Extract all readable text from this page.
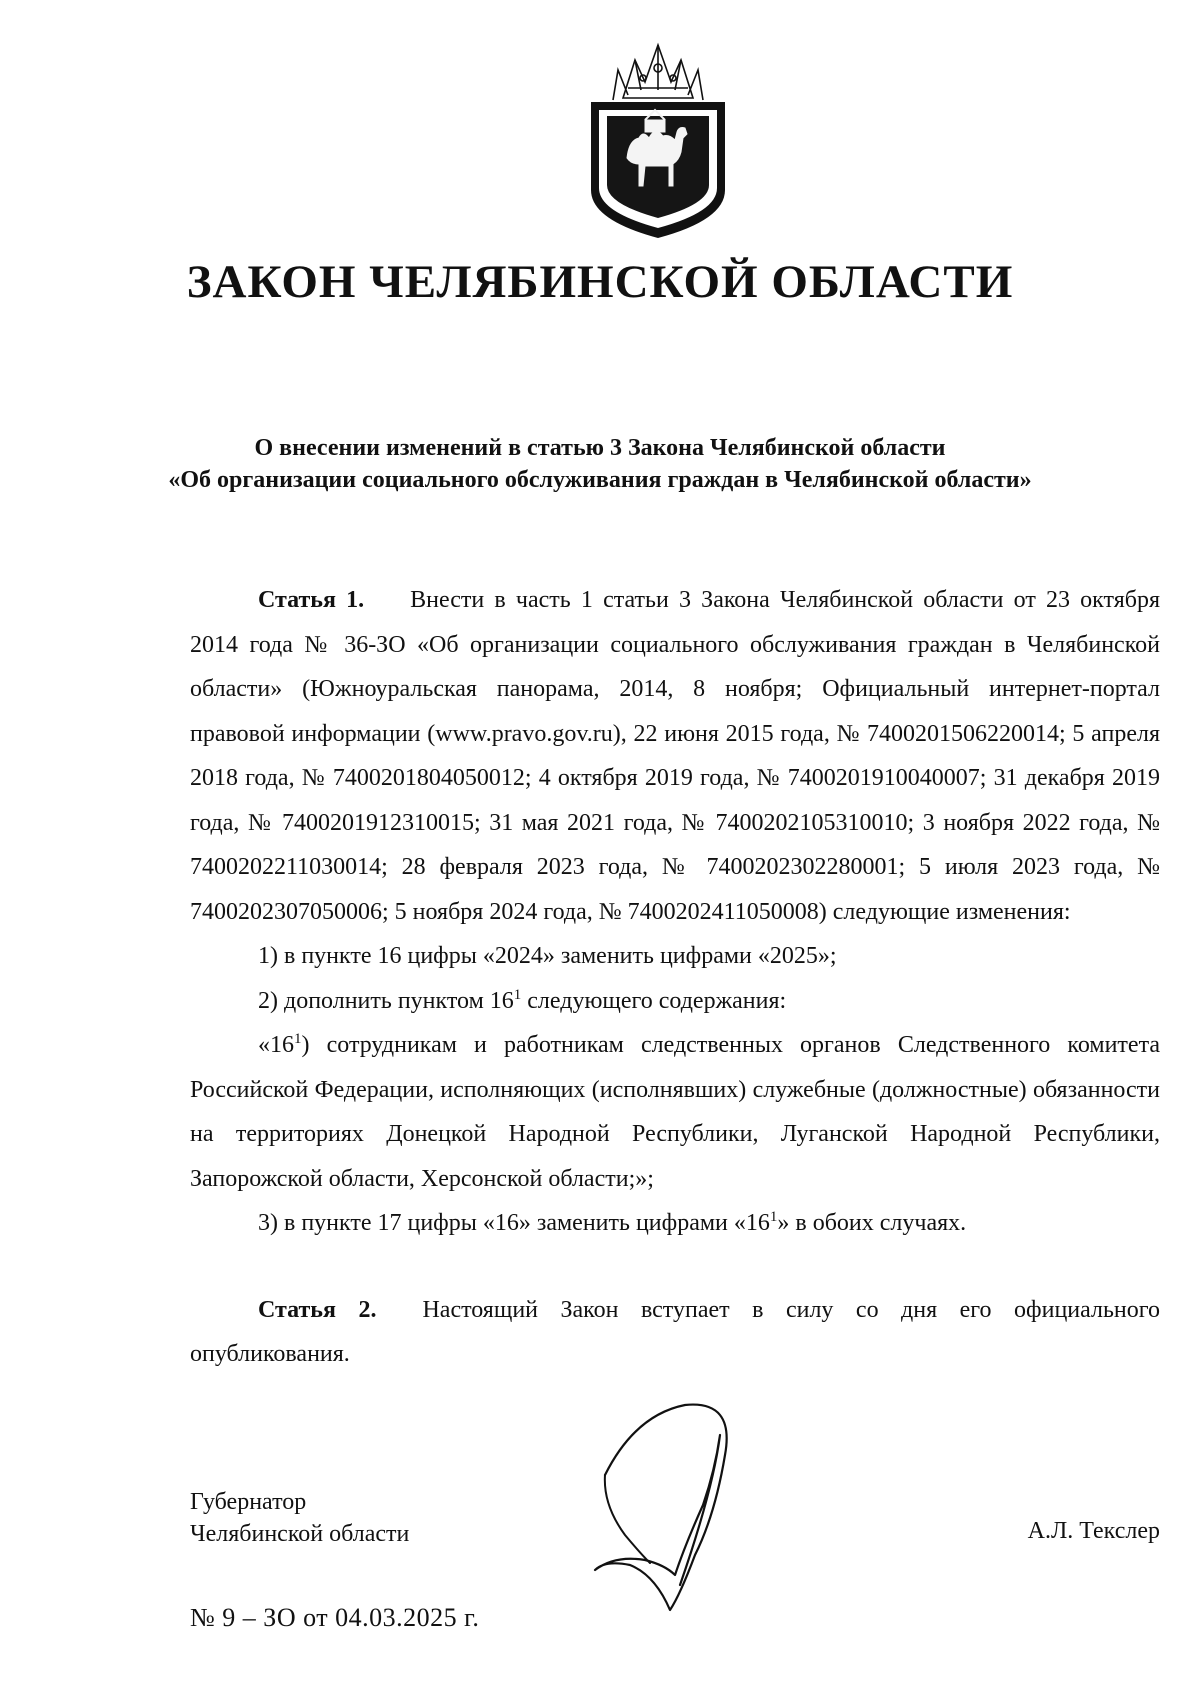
ЗАКОН ЧЕЛЯБИНСКОЙ ОБЛАСТИ
О внесении изменений в статью 3 Закона Челябинской области
«Об организации социального обслуживания граждан в Челябинской области»

Статья 1. Внести в часть 1 статьи 3 Закона Челябинской области от 23 октября 2014 года № 36-ЗО «Об организации социального обслуживания граждан в Челябинской области» (Южноуральская панорама, 2014, 8 ноября; Официальный интернет-портал правовой информации (www.pravo.gov.ru), 22 июня 2015 года, № 7400201506220014; 5 апреля 2018 года, № 7400201804050012; 4 октября 2019 года, № 7400201910040007; 31 декабря 2019 года, № 7400201912310015; 31 мая 2021 года, № 7400202105310010; 3 ноября 2022 года, № 7400202211030014; 28 февраля 2023 года, № 7400202302280001; 5 июля 2023 года, № 7400202307050006; 5 ноября 2024 года, № 7400202411050008) следующие изменения:

1) в пункте 16 цифры «2024» заменить цифрами «2025»;

2) дополнить пунктом $16^1$ следующего содержания:

«$16^1$) сотрудникам и работникам следственных органов Следственного комитета Российской Федерации, исполняющих (исполнявших) служебные (должностные) обязанности на территориях Донецкой Народной Республики, Луганской Народной Республики, Запорожской области, Херсонской области;»;

3) в пункте 17 цифры «16» заменить цифрами «$16^1$» в обоих случаях.

Статья 2. Настоящий Закон вступает в силу со дня его официального опубликования.

Губернатор
Челябинской области	А.Л. Текслер
№ 9 – ЗО от 04.03.2025 г.
